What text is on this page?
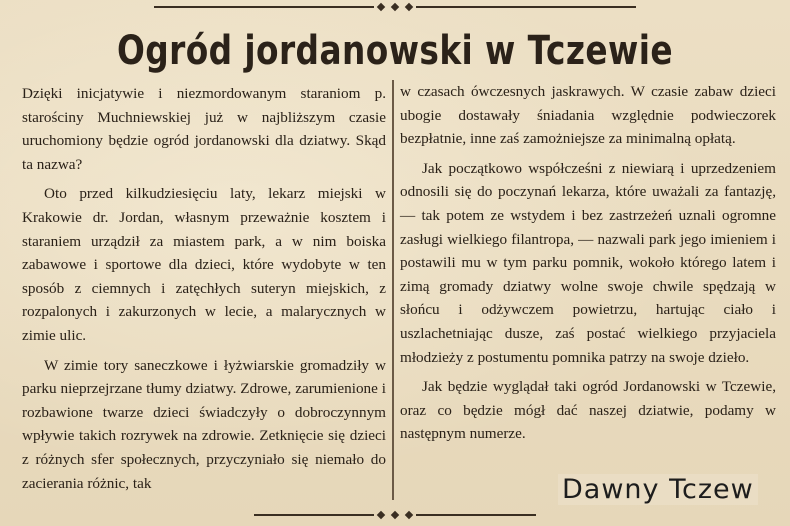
Ogród jordanowski w Tczewie

Dzięki inicjatywie i niezmordowanym staraniom p. starościny Muchniewskiej już w najbliższym czasie uruchomiony będzie ogród jordanowski dla dziatwy. Skąd ta nazwa?

Oto przed kilkudziesięciu laty, lekarz miejski w Krakowie dr. Jordan, własnym przeważnie kosztem i staraniem urządził za miastem park, a w nim boiska zabawowe i sportowe dla dzieci, które wydobyte w ten sposób z ciemnych i zatęchłych suteryn miejskich, z rozpalonych i zakurzonych w lecie, a malarycznych w zimie ulic.

W zimie tory saneczkowe i łyżwiarskie gromadziły w parku nieprzejrzane tłumy dziatwy. Zdrowe, zarumienione i rozbawione twarze dzieci świadczyły o dobroczynnym wpływie takich rozrywek na zdrowie. Zetknięcie się dzieci z różnych sfer społecznych, przyczyniało się niemało do zacierania różnic, tak

w czasach ówczesnych jaskrawych. W czasie zabaw dzieci ubogie dostawały śniadania względnie podwieczorek bezpłatnie, inne zaś zamożniejsze za minimalną opłatą.

Jak początkowo współcześni z niewiarą i uprzedzeniem odnosili się do poczynań lekarza, które uważali za fantazję, — tak potem ze wstydem i bez zastrzeżeń uznali ogromne zasługi wielkiego filantropa, — nazwali park jego imieniem i postawili mu w tym parku pomnik, wokoło którego latem i zimą gromady dziatwy wolne swoje chwile spędzają w słońcu i odżywczem powietrzu, hartując ciało i uszlachetniając dusze, zaś postać wielkiego przyjaciela młodzieży z postumentu pomnika patrzy na swoje dzieło.

Jak będzie wyglądał taki ogród Jordanowski w Tczewie, oraz co będzie mógł dać naszej dziatwie, podamy w następnym numerze.

Dawny Tczew
